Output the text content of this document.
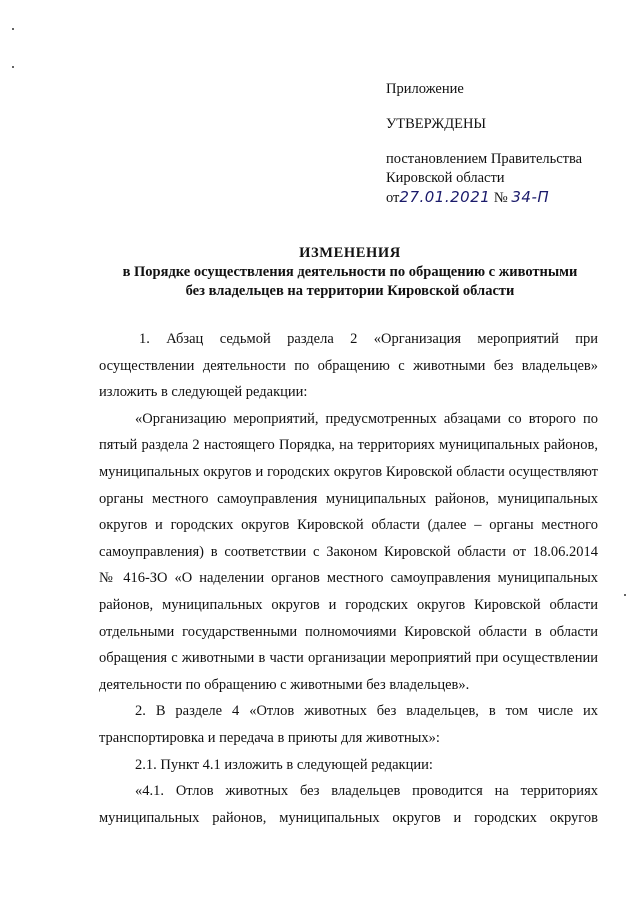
Приложение
УТВЕРЖДЕНЫ
постановлением Правительства
Кировской области
от27.01.2021 № 34-П
ИЗМЕНЕНИЯ
в Порядке осуществления деятельности по обращению с животными
без владельцев на территории Кировской области
1. Абзац седьмой раздела 2 «Организация мероприятий при
осуществлении деятельности по обращению с животными без владельцев»
изложить в следующей редакции:
«Организацию мероприятий, предусмотренных абзацами со второго по
пятый раздела 2 настоящего Порядка, на территориях муниципальных районов,
муниципальных округов и городских округов Кировской области осуществляют
органы местного самоуправления муниципальных районов, муниципальных
округов и городских округов Кировской области (далее – органы местного
самоуправления) в соответствии с Законом Кировской области от 18.06.2014
№ 416-ЗО «О наделении органов местного самоуправления муниципальных
районов, муниципальных округов и городских округов Кировской области
отдельными государственными полномочиями Кировской области в области
обращения с животными в части организации мероприятий при осуществлении
деятельности по обращению с животными без владельцев».
2. В разделе 4 «Отлов животных без владельцев, в том числе их
транспортировка и передача в приюты для животных»:
2.1. Пункт 4.1 изложить в следующей редакции:
«4.1. Отлов животных без владельцев проводится на территориях
муниципальных районов, муниципальных округов и городских округов
